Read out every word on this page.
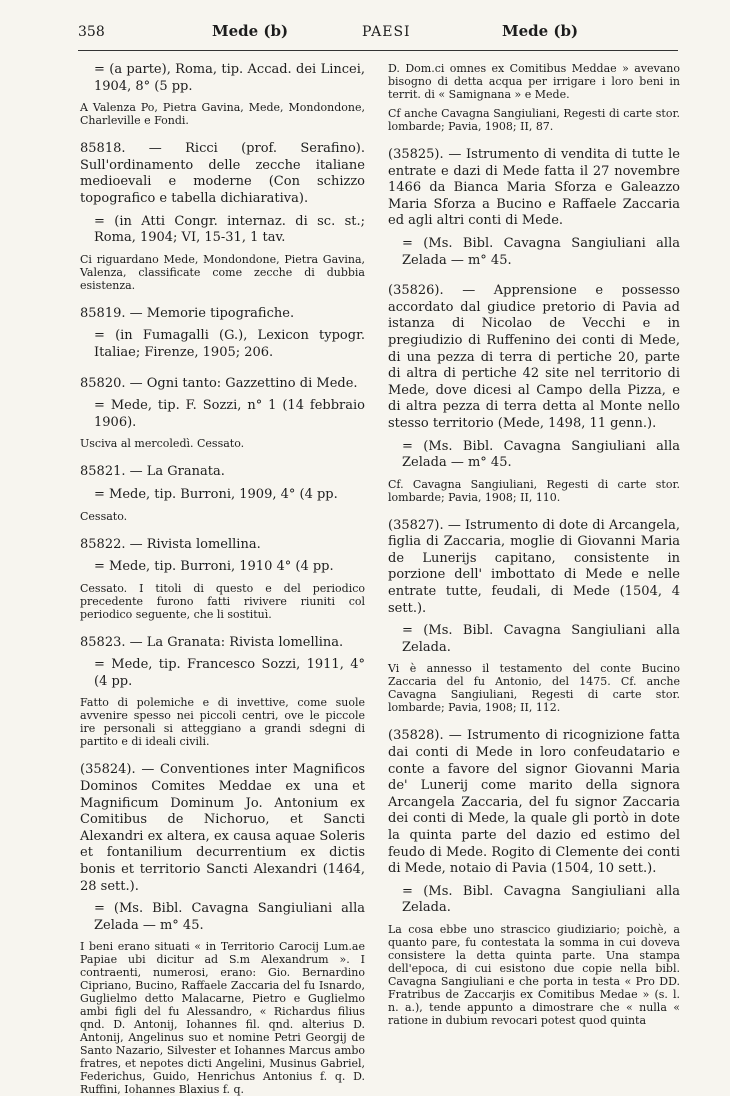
358	Mede (b)	PAESI	Mede (b)

= (a parte), Roma, tip. Accad. dei Lincei, 1904, 8° (5 pp.

A Valenza Po, Pietra Gavina, Mede, Mondondone, Charleville e Fondi.

85818. — Ricci (prof. Serafino). Sull'ordinamento delle zecche italiane medioevali e moderne (Con schizzo topografico e tabella dichiarativa).

= (in Atti Congr. internaz. di sc. st.; Roma, 1904; VI, 15-31, 1 tav.

Ci riguardano Mede, Mondondone, Pietra Gavina, Valenza, classificate come zecche di dubbia esistenza.

85819. — Memorie tipografiche.

= (in Fumagalli (G.), Lexicon typogr. Italiae; Firenze, 1905; 206.

85820. — Ogni tanto: Gazzettino di Mede.

= Mede, tip. F. Sozzi, n° 1 (14 febbraio 1906).

Usciva al mercoledì. Cessato.

85821. — La Granata.

= Mede, tip. Burroni, 1909, 4° (4 pp.

Cessato.

85822. — Rivista lomellina.

= Mede, tip. Burroni, 1910 4° (4 pp.

Cessato. I titoli di questo e del periodico precedente furono fatti rivivere riuniti col periodico seguente, che li sostituì.

85823. — La Granata: Rivista lomellina.

= Mede, tip. Francesco Sozzi, 1911, 4° (4 pp.

Fatto di polemiche e di invettive, come suole avvenire spesso nei piccoli centri, ove le piccole ire personali si atteggiano a grandi sdegni di partito e di ideali civili.

(35824). — Conventiones inter Magnificos Dominos Comites Meddae ex una et Magnificum Dominum Jo. Antonium ex Comitibus de Nichoruo, et Sancti Alexandri ex altera, ex causa aquae Soleris et fontanilium decurrentium ex dictis bonis et territorio Sancti Alexandri (1464, 28 sett.).

= (Ms. Bibl. Cavagna Sangiuliani alla Zelada — m° 45.

I beni erano situati « in Territorio Carocij Lum.ae Papiae ubi dicitur ad S.m Alexandrum ». I contraenti, numerosi, erano: Gio. Bernardino Cipriano, Bucino, Raffaele Zaccaria del fu Isnardo, Guglielmo detto Malacarne, Pietro e Guglielmo ambi figli del fu Alessandro, « Richardus filius qnd. D. Antonij, Iohannes fil. qnd. alterius D. Antonij, Angelinus suo et nomine Petri Georgij de Santo Nazario, Silvester et Iohannes Marcus ambo fratres, et nepotes dicti Angelini, Musinus Gabriel, Federichus, Guido, Henrichus Antonius f. q. D. Ruffini, Iohannes Blaxius f. q.

D. Dom.ci omnes ex Comitibus Meddae » avevano bisogno di detta acqua per irrigare i loro beni in territ. di « Samignana » e Mede.

Cf anche Cavagna Sangiuliani, Regesti di carte stor. lombarde; Pavia, 1908; II, 87.

(35825). — Istrumento di vendita di tutte le entrate e dazi di Mede fatta il 27 novembre 1466 da Bianca Maria Sforza e Galeazzo Maria Sforza a Bucino e Raffaele Zaccaria ed agli altri conti di Mede.

= (Ms. Bibl. Cavagna Sangiuliani alla Zelada — m° 45.

(35826). — Apprensione e possesso accordato dal giudice pretorio di Pavia ad istanza di Nicolao de Vecchi e in pregiudizio di Ruffenino dei conti di Mede, di una pezza di terra di pertiche 20, parte di altra di pertiche 42 site nel territorio di Mede, dove dicesi al Campo della Pizza, e di altra pezza di terra detta al Monte nello stesso territorio (Mede, 1498, 11 genn.).

= (Ms. Bibl. Cavagna Sangiuliani alla Zelada — m° 45.

Cf. Cavagna Sangiuliani, Regesti di carte stor. lombarde; Pavia, 1908; II, 110.

(35827). — Istrumento di dote di Arcangela, figlia di Zaccaria, moglie di Giovanni Maria de Lunerijs capitano, consistente in porzione dell' imbottato di Mede e nelle entrate tutte, feudali, di Mede (1504, 4 sett.).

= (Ms. Bibl. Cavagna Sangiuliani alla Zelada.

Vi è annesso il testamento del conte Bucino Zaccaria del fu Antonio, del 1475. Cf. anche Cavagna Sangiuliani, Regesti di carte stor. lombarde; Pavia, 1908; II, 112.

(35828). — Istrumento di ricognizione fatta dai conti di Mede in loro confeudatario e conte a favore del signor Giovanni Maria de' Lunerij come marito della signora Arcangela Zaccaria, del fu signor Zaccaria dei conti di Mede, la quale gli portò in dote la quinta parte del dazio ed estimo del feudo di Mede. Rogito di Clemente dei conti di Mede, notaio di Pavia (1504, 10 sett.).

= (Ms. Bibl. Cavagna Sangiuliani alla Zelada.

La cosa ebbe uno strascico giudiziario; poichè, a quanto pare, fu contestata la somma in cui doveva consistere la detta quinta parte. Una stampa dell'epoca, di cui esistono due copie nella bibl. Cavagna Sangiuliani e che porta in testa « Pro DD. Fratribus de Zaccarjis ex Comitibus Medae » (s. l. n. a.), tende appunto a dimostrare che « nulla « ratione in dubium revocari potest quod quinta
